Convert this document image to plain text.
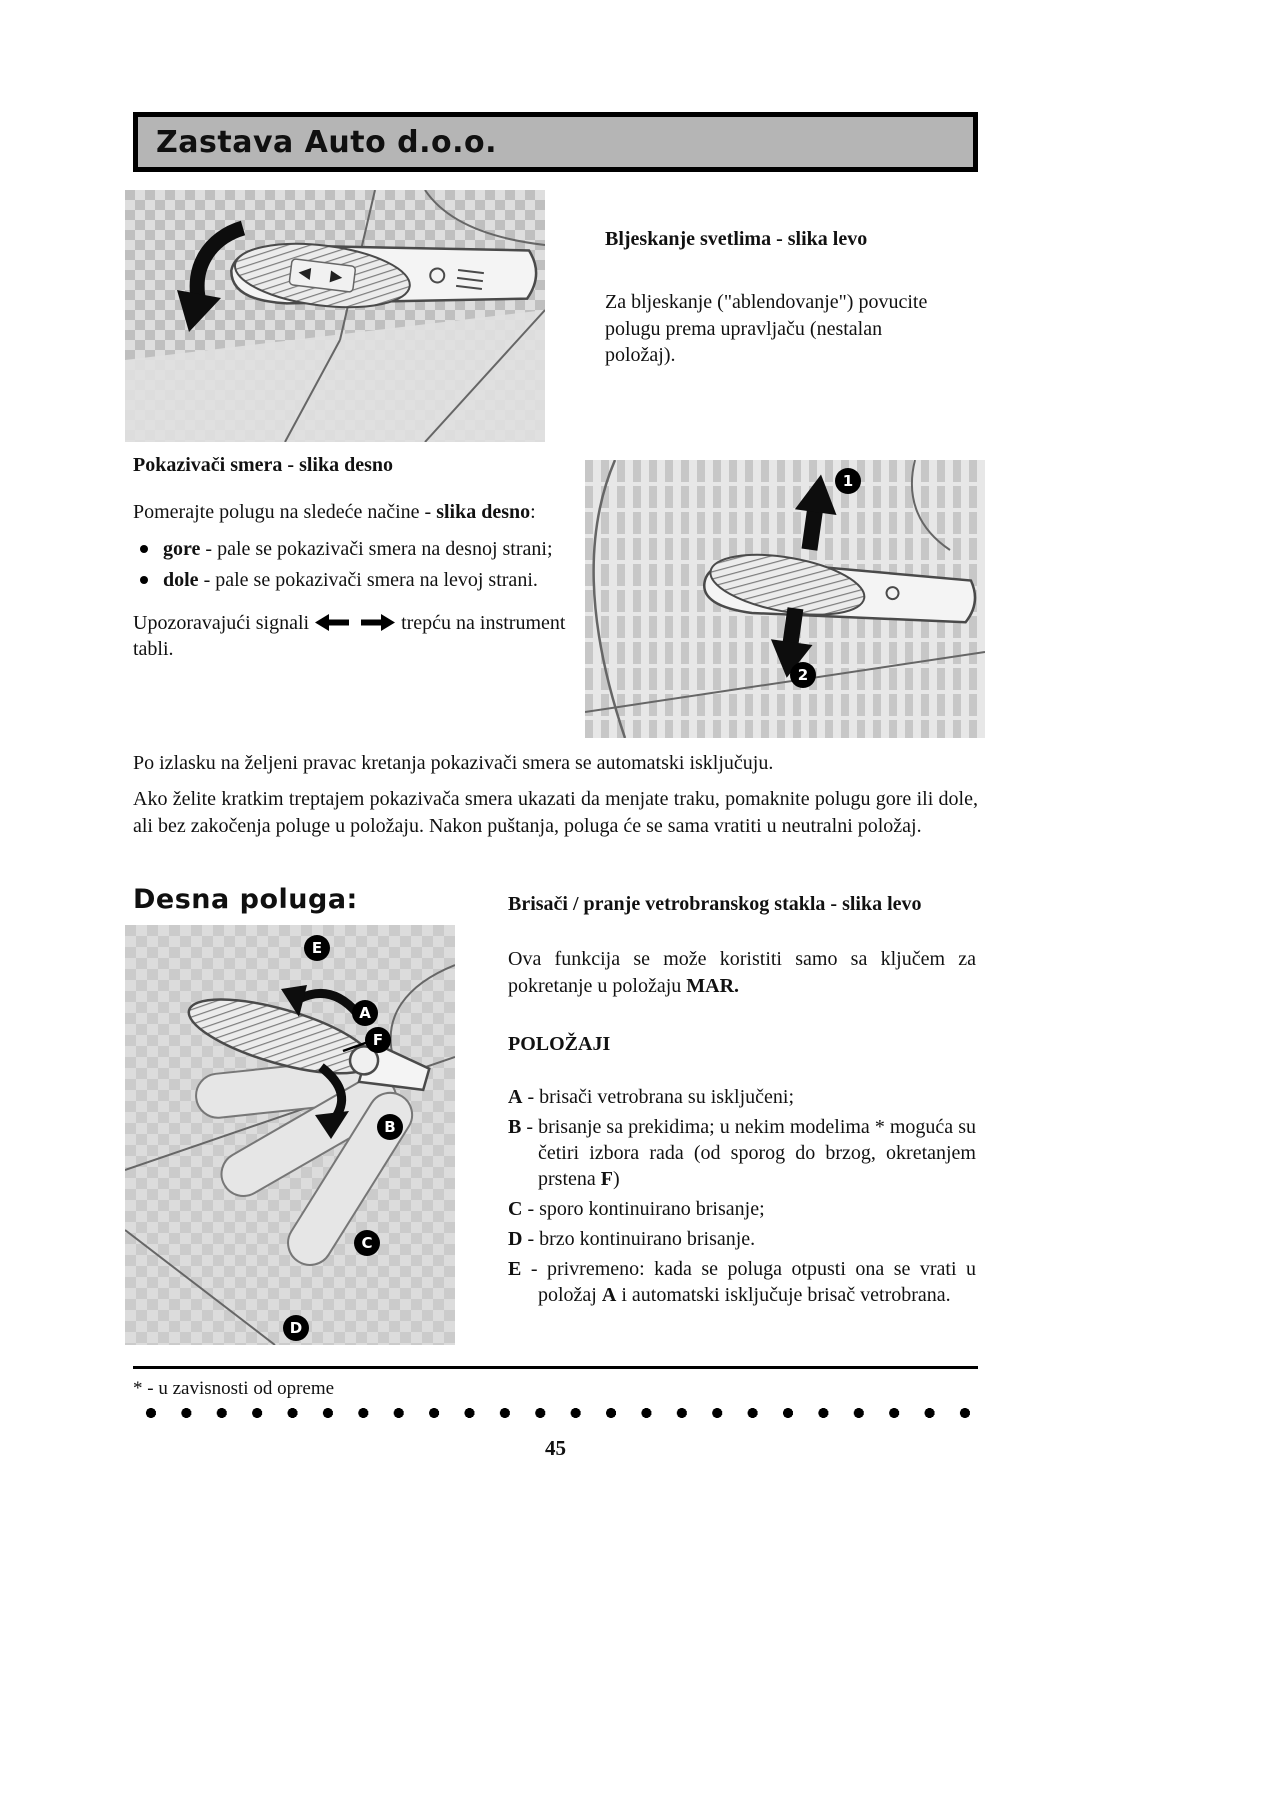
Zastava Auto d.o.o.
Bljeskanje svetlima - slika levo

Za bljeskanje ("ablendovanje") povucite polugu prema upravljaču (nestalan položaj).

Pokazivači smera - slika desno

Pomerajte polugu na sledeće načine - slika desno:

gore - pale se pokazivači smera na desnoj strani;
dole - pale se pokazivači smera na levoj strani.

Upozoravajući signali	trepću na instrument tabli.

1
2

Po izlasku na željeni pravac kretanja pokazivači smera se automatski isključuju.

Ako želite kratkim treptajem pokazivača smera ukazati da menjate traku, pomaknite polugu gore ili dole, ali bez zakočenja poluge u položaju. Nakon puštanja, poluga će se sama vratiti u neutralni položaj.

Desna poluga:
E
A
F
B
C
D
Brisači / pranje vetrobranskog stakla - slika levo

Ova funkcija se može koristiti samo sa ključem za pokretanje u položaju MAR.

POLOŽAJI

A - brisači vetrobrana su isključeni;

B - brisanje sa prekidima; u nekim modelima * moguća su četiri izbora rada (od sporog do brzog, okretanjem prstena F)

C - sporo kontinuirano brisanje;

D - brzo kontinuirano brisanje.

E - privremeno: kada se poluga otpusti ona se vrati u položaj A i automatski isključuje brisač vetrobrana.

* - u zavisnosti od opreme

45
